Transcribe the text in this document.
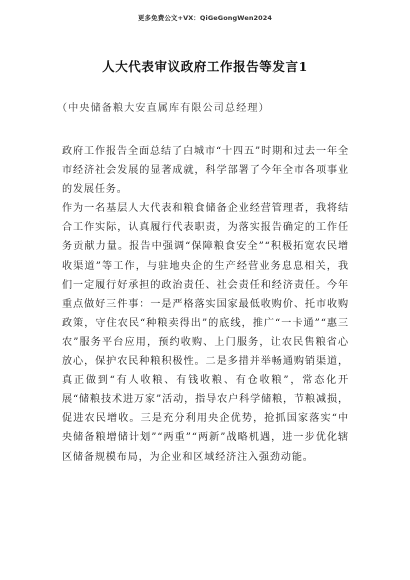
更多免费公文+VX：QiGeGongWen2024
人大代表审议政府工作报告等发言1
（中央储备粮大安直属库有限公司总经理）

政府工作报告全面总结了白城市“十四五”时期和过去一年全市经济社会发展的显著成就，科学部署了今年全市各项事业的发展任务。

作为一名基层人大代表和粮食储备企业经营管理者，我将结合工作实际，认真履行代表职责，为落实报告确定的工作任务贡献力量。报告中强调“保障粮食安全”“积极拓宽农民增收渠道”等工作，与驻地央企的生产经营业务息息相关，我们一定履行好承担的政治责任、社会责任和经济责任。今年重点做好三件事：一是严格落实国家最低收购价、托市收购政策，守住农民“种粮卖得出”的底线，推广“一卡通”“惠三农”服务平台应用，预约收购、上门服务，让农民售粮省心放心，保护农民种粮积极性。二是多措并举畅通购销渠道，真正做到“有人收粮、有钱收粮、有仓收粮”，常态化开展“储粮技术进万家”活动，指导农户科学储粮，节粮减损，促进农民增收。三是充分利用央企优势，抢抓国家落实“中央储备粮增储计划”“两重”“两新”战略机遇，进一步优化辖区储备规模布局，为企业和区域经济注入强劲动能。
